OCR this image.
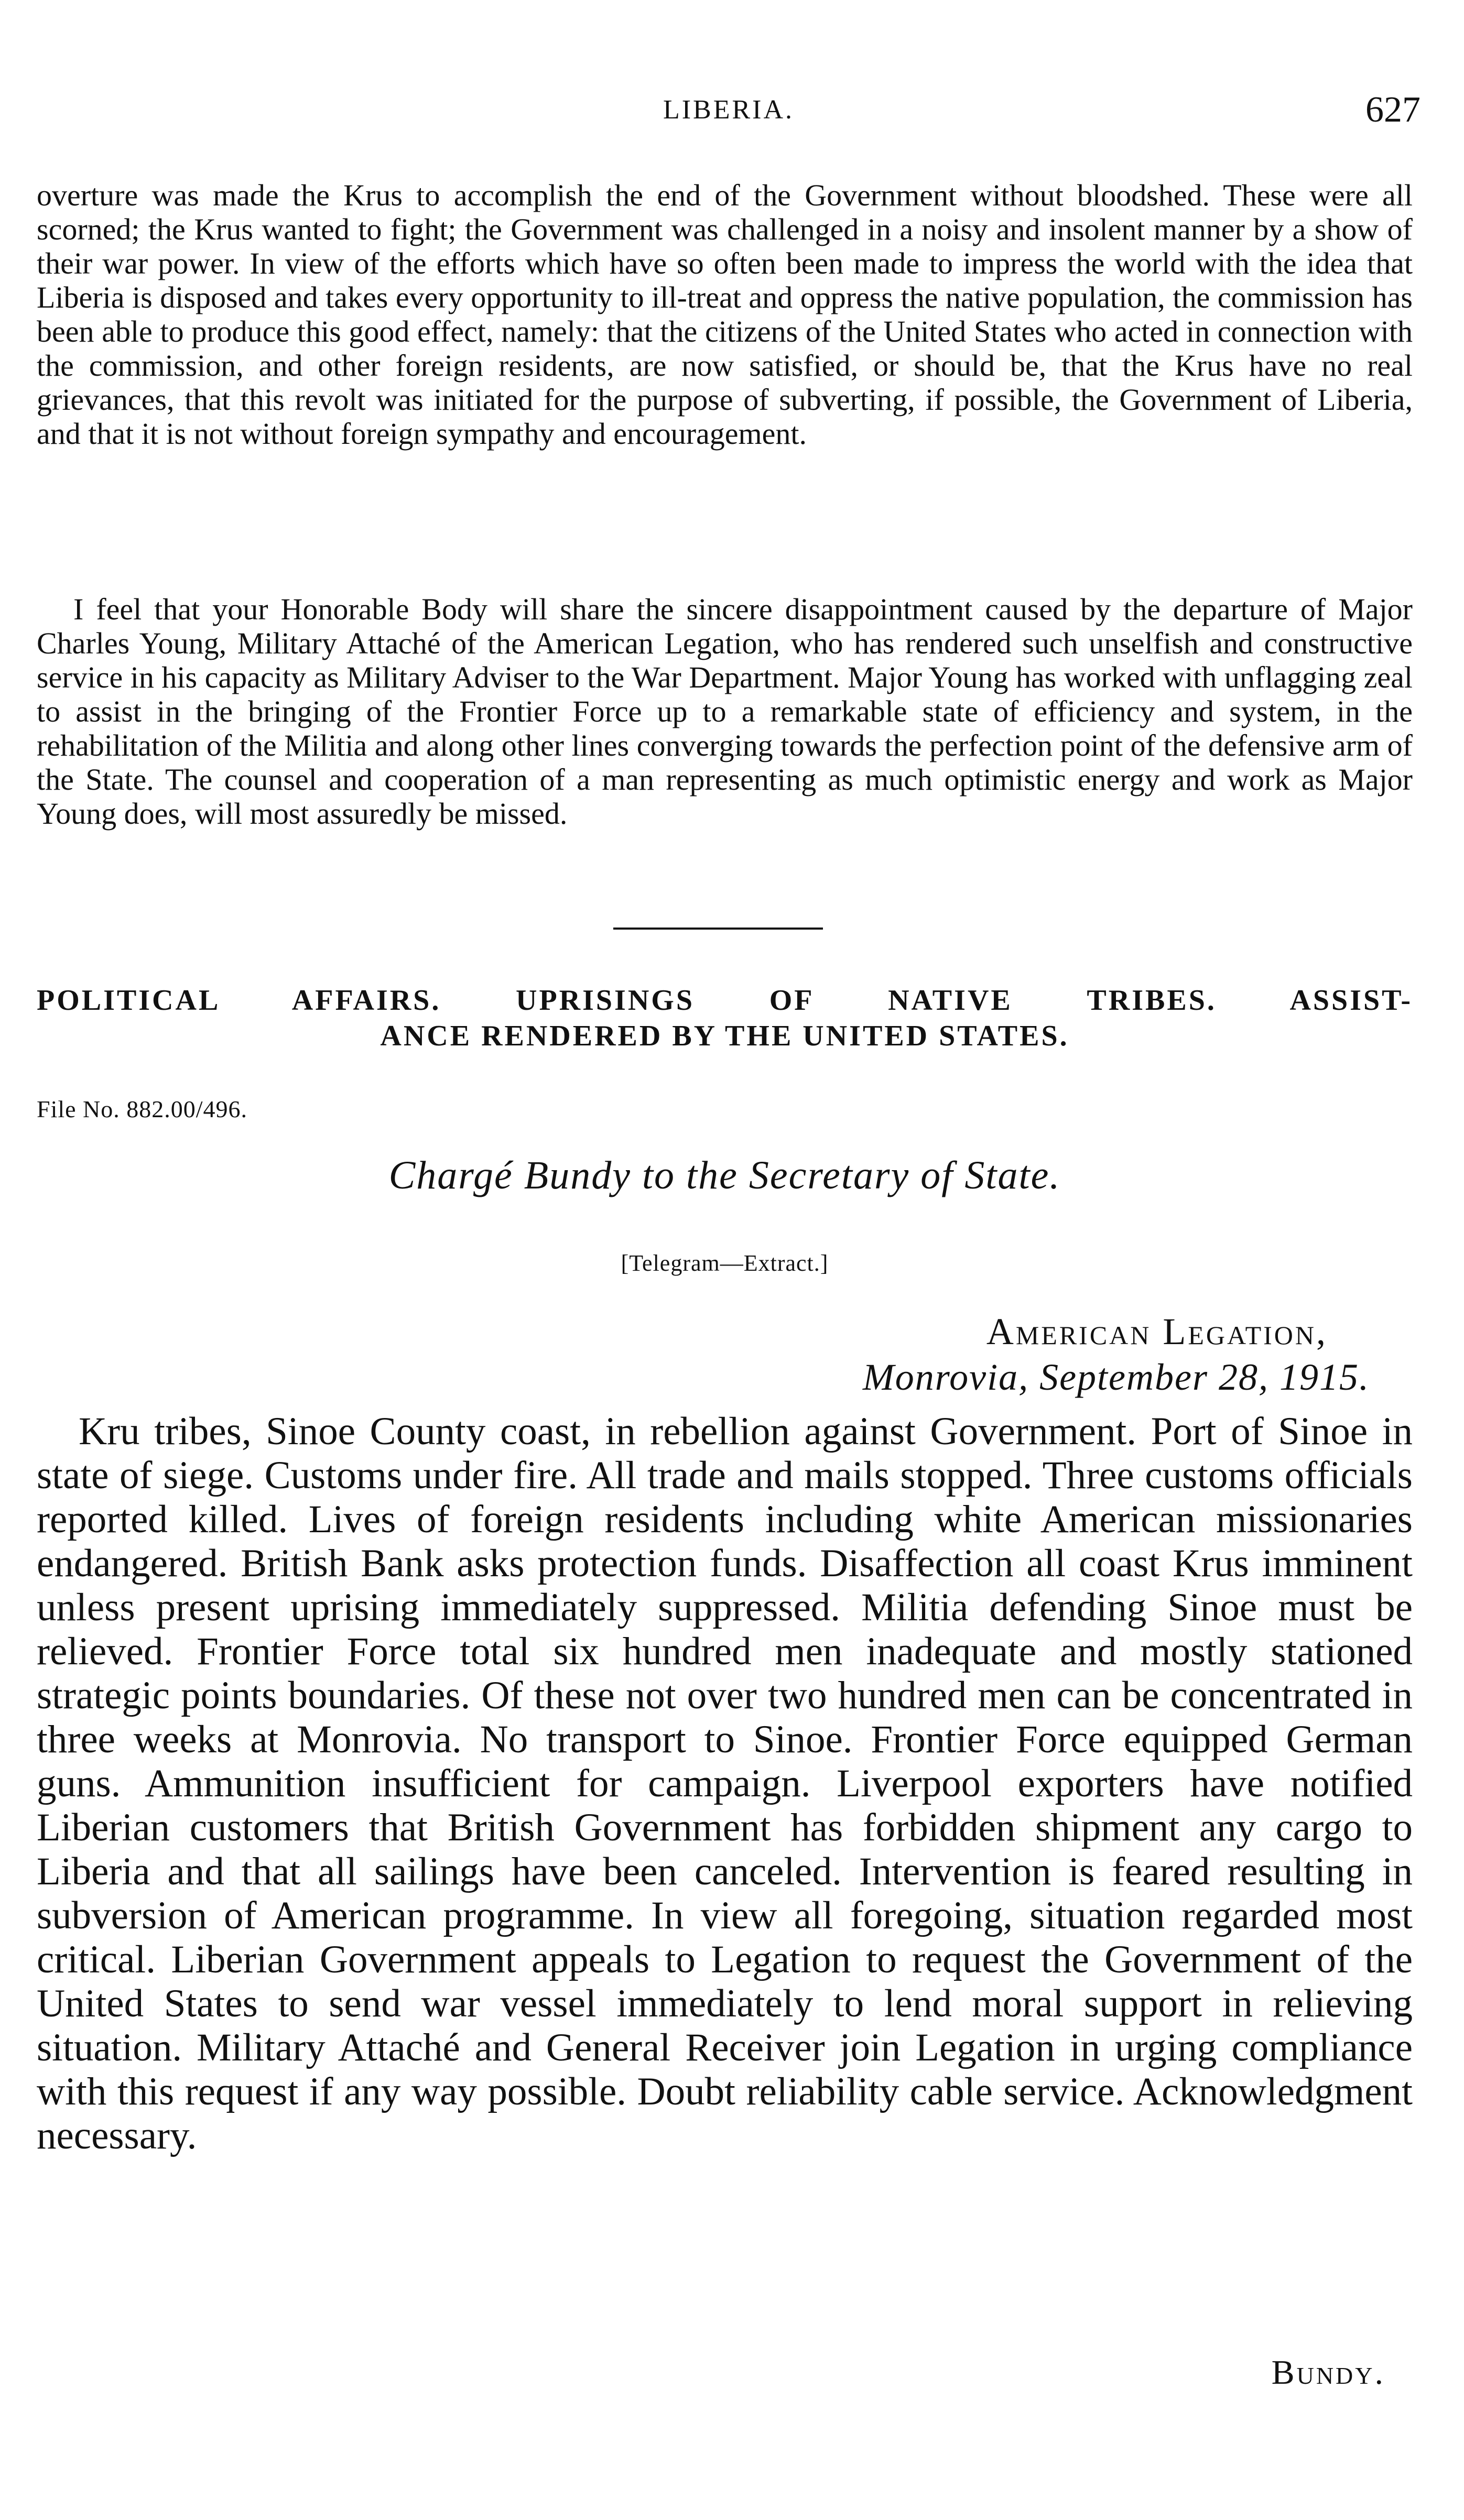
LIBERIA.	627

overture was made the Krus to accomplish the end of the Government without bloodshed. These were all scorned; the Krus wanted to fight; the Government was challenged in a noisy and insolent manner by a show of their war power. In view of the efforts which have so often been made to impress the world with the idea that Liberia is disposed and takes every opportunity to ill-treat and oppress the native population, the commission has been able to produce this good effect, namely: that the citizens of the United States who acted in connection with the commission, and other foreign residents, are now satisfied, or should be, that the Krus have no real grievances, that this revolt was initiated for the purpose of subverting, if possible, the Government of Liberia, and that it is not without foreign sympathy and encouragement.

I feel that your Honorable Body will share the sincere disappointment caused by the departure of Major Charles Young, Military Attaché of the American Legation, who has rendered such unselfish and constructive service in his capacity as Military Adviser to the War Department. Major Young has worked with unflagging zeal to assist in the bringing of the Frontier Force up to a remarkable state of efficiency and system, in the rehabilitation of the Militia and along other lines converging towards the perfection point of the defensive arm of the State. The counsel and cooperation of a man representing as much optimistic energy and work as Major Young does, will most assuredly be missed.

POLITICAL AFFAIRS. UPRISINGS OF NATIVE TRIBES. ASSIST-
ANCE RENDERED BY THE UNITED STATES.
File No. 882.00/496.
Chargé Bundy to the Secretary of State.
[Telegram—Extract.]
American Legation,
Monrovia, September 28, 1915.

Kru tribes, Sinoe County coast, in rebellion against Government. Port of Sinoe in state of siege. Customs under fire. All trade and mails stopped. Three customs officials reported killed. Lives of foreign residents including white American missionaries endangered. British Bank asks protection funds. Disaffection all coast Krus imminent unless present uprising immediately suppressed. Militia defending Sinoe must be relieved. Frontier Force total six hundred men inadequate and mostly stationed strategic points boundaries. Of these not over two hundred men can be concentrated in three weeks at Monrovia. No transport to Sinoe. Frontier Force equipped German guns. Ammunition insufficient for campaign. Liverpool exporters have notified Liberian customers that British Government has forbidden shipment any cargo to Liberia and that all sailings have been canceled. Intervention is feared resulting in subversion of American programme. In view all foregoing, situation regarded most critical. Liberian Government appeals to Legation to request the Government of the United States to send war vessel immediately to lend moral support in relieving situation. Military Attaché and General Receiver join Legation in urging compliance with this request if any way possible. Doubt reliability cable service. Acknowledgment necessary.

Bundy.
